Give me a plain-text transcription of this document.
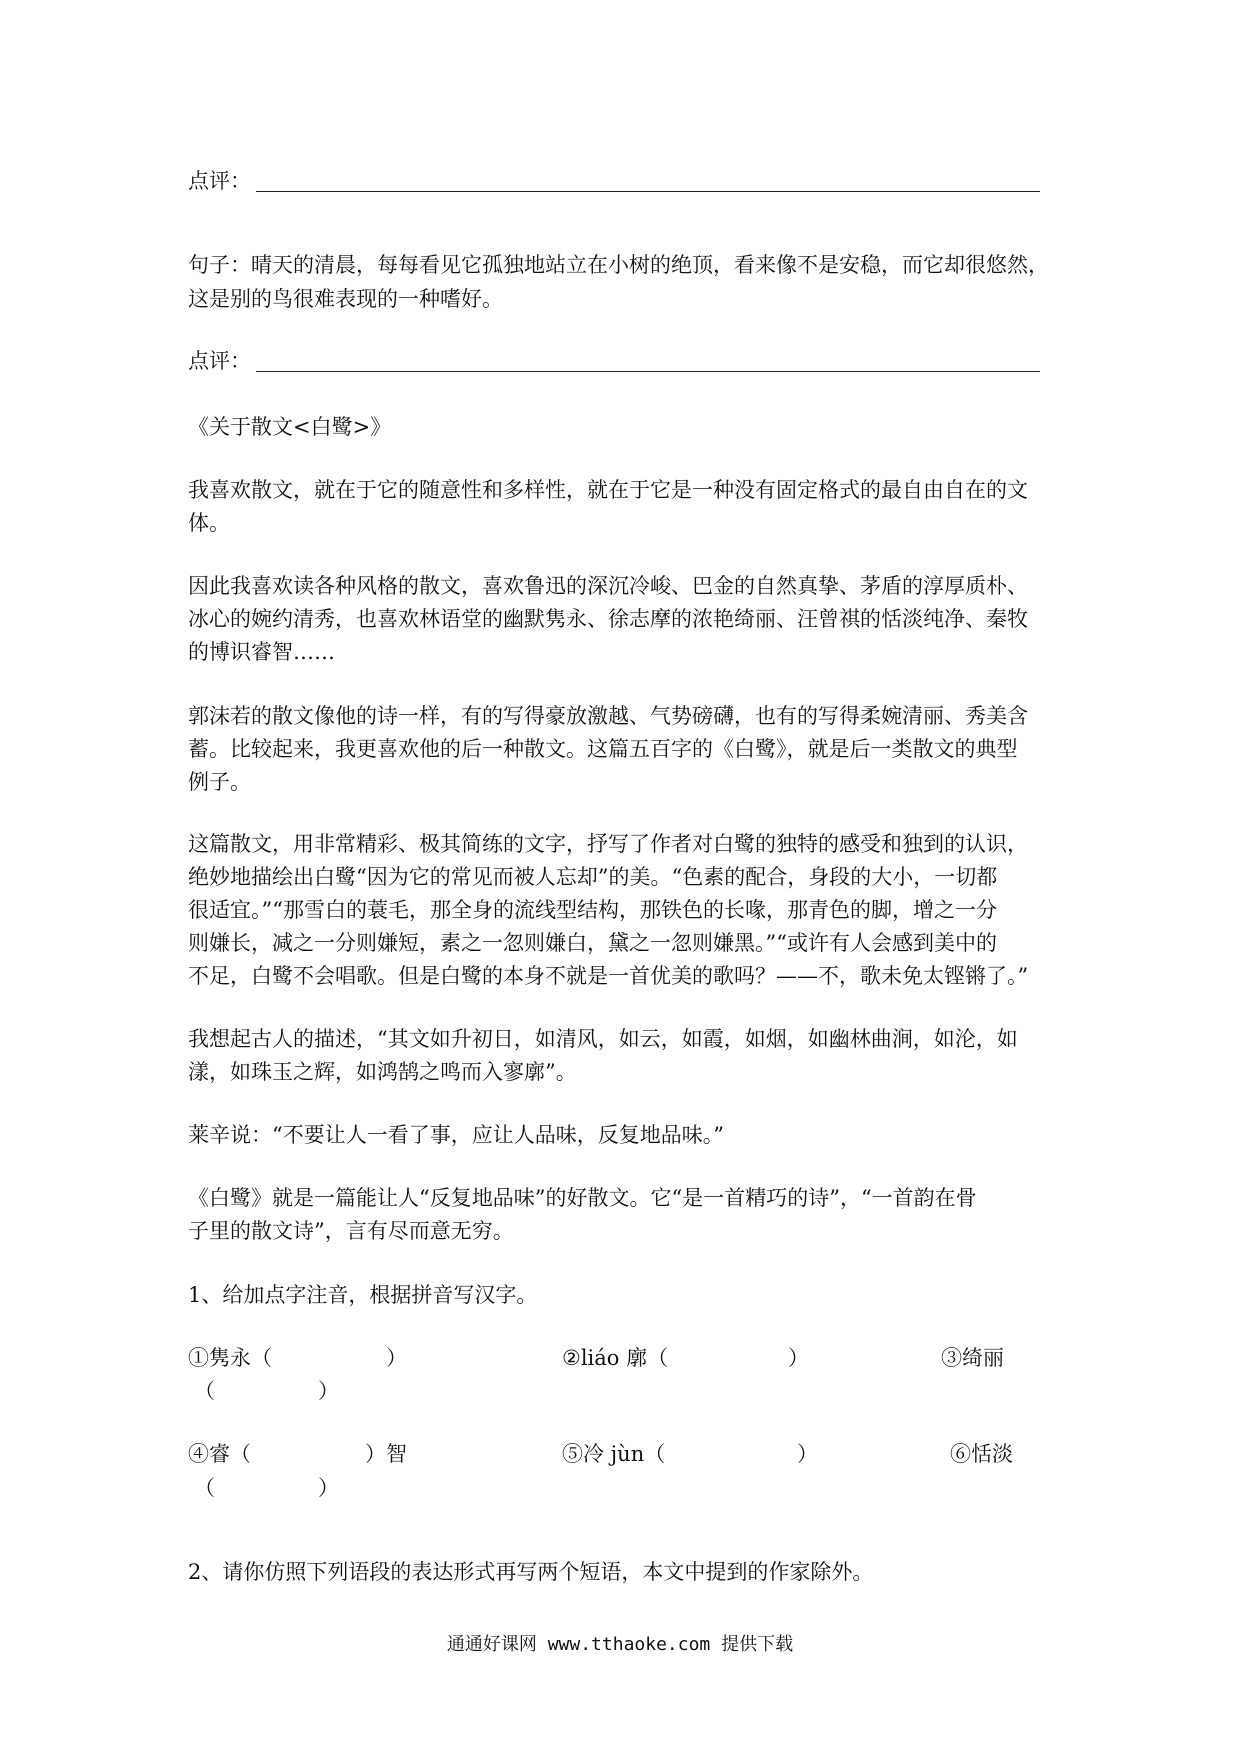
点评：
句子：晴天的清晨，每每看见它孤独地站立在小树的绝顶，看来像不是安稳，而它却很悠然，
这是别的鸟很难表现的一种嗜好。
点评：
《关于散文<白鹭>》
我喜欢散文，就在于它的随意性和多样性，就在于它是一种没有固定格式的最自由自在的文
体。
因此我喜欢读各种风格的散文，喜欢鲁迅的深沉冷峻、巴金的自然真挚、茅盾的淳厚质朴、
冰心的婉约清秀，也喜欢林语堂的幽默隽永、徐志摩的浓艳绮丽、汪曾祺的恬淡纯净、秦牧
的博识睿智……
郭沫若的散文像他的诗一样，有的写得豪放激越、气势磅礴，也有的写得柔婉清丽、秀美含
蓄。比较起来，我更喜欢他的后一种散文。这篇五百字的《白鹭》，就是后一类散文的典型
例子。
这篇散文，用非常精彩、极其简练的文字，抒写了作者对白鹭的独特的感受和独到的认识，
绝妙地描绘出白鹭“因为它的常见而被人忘却”的美。“色素的配合，身段的大小，一切都
很适宜。”“那雪白的蓑毛，那全身的流线型结构，那铁色的长喙，那青色的脚，增之一分
则嫌长，减之一分则嫌短，素之一忽则嫌白，黛之一忽则嫌黑。”“或许有人会感到美中的
不足，白鹭不会唱歌。但是白鹭的本身不就是一首优美的歌吗？——不，歌未免太铿锵了。”
我想起古人的描述，“其文如升初日，如清风，如云，如霞，如烟，如幽林曲涧，如沦，如
漾，如珠玉之辉，如鸿鹄之鸣而入寥廓”。
莱辛说：“不要让人一看了事，应让人品味，反复地品味。”
《白鹭》就是一篇能让人“反复地品味”的好散文。它“是一首精巧的诗”，“一首韵在骨
子里的散文诗”，言有尽而意无穷。
1、给加点字注音，根据拼音写汉字。
①隽永（	）	②liáo 廓（	）	③绮丽
（	）
④睿（	）智	⑤冷 jùn（	）	⑥恬淡
（	）
2、请你仿照下列语段的表达形式再写两个短语，本文中提到的作家除外。
通通好课网 www.tthaoke.com 提供下载
